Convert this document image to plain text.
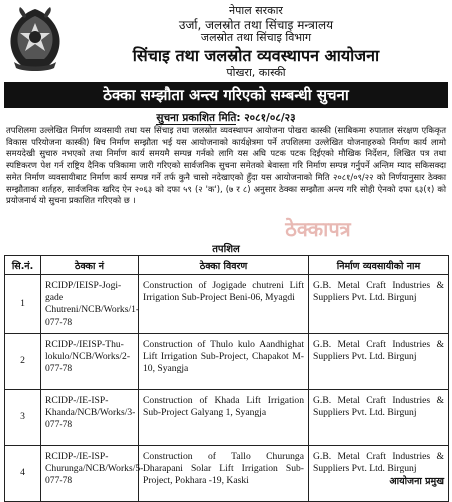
नेपाल सरकार
उर्जा, जलस्रोत तथा सिंचाइ मन्त्रालय
जलस्रोत तथा सिंचाइ विभाग
सिंचाइ तथा जलस्रोत व्यवस्थापन आयोजना
पोखरा, कास्की
ठेक्का सम्झौता अन्त्य गरिएको सम्बन्धी सुचना
सुचना प्रकाशित मिति: २०८१/०८/२३
तपशिलमा उल्लेखित निर्माण व्यवसायी तथा यस सिंचाइ तथा जलस्रोत व्यवस्थापन आयोजना पोखरा कास्की (साबिकमा रुपाताल संरक्षण एकिकृत विकास परियोजना कास्की) बिच निर्माण सम्झौता भई यस आयोजनाको कार्यक्षेत्रमा पर्ने तपशिलमा उल्लेखित योजनाहरुको निर्माण कार्य लामो समयदेखी सुचारु नभएको तथा निर्माण कार्य समयमै सम्पन्न गर्नको लागि यस अघि पटक पटक दिईएको मौखिक निर्देशन, लिखित पत्र तथा स्पष्टिकरण पेश गर्न राष्ट्रिय दैनिक पत्रिकामा जारी गरिएको सार्वजनिक सुचना समेतको बेवास्ता गरि निर्माण सम्पन्न गर्नुपर्ने अन्तिम म्याद सकिसक्दा समेत निर्माण व्यवसायीबाट निर्माण कार्य सम्पन्न गर्ने तर्फ कुनै चासो नदेखाएको हुँदा यस आयोजनाको मिति २०८१/०९/२२ को निर्णयानुसार ठेक्का सम्झौताका शर्तहरु, सार्वजनिक खरिद ऐन २०६३ को दफा ५९ (२ 'क'), (७ र ८) अनुसार ठेक्का सम्झौता अन्त्य गरि सोही ऐनको दफा ६३(१) को प्रयोजनार्थ यो सुचना प्रकाशित गरिएको छ ।
ठेक्कापत्र
तपशिल
सि.नं.	ठेक्का नं	ठेक्का विवरण	निर्माण व्यवसायीको नाम
1	RCIDP/IEISP-Jogi-gade Chutreni/NCB/Works/1-077-78	Construction of Jogigade chutreni Lift Irrigation Sub-Project Beni-06, Myagdi	G.B. Metal Craft Industries & Suppliers Pvt. Ltd. Birgunj
2	RCIDP-/IEISP-Thu-lokulo/NCB/Works/2-077-78	Construction of Thulo kulo Aandhighat Lift Irrigation Sub-Project, Chapakot M-10, Syangja	G.B. Metal Craft Industries & Suppliers Pvt. Ltd. Birgunj
3	RCIDP-/IE-ISP-Khanda/NCB/Works/3-077-78	Construction of Khada Lift Irrigation Sub-Project Galyang 1, Syangja	G.B. Metal Craft Industries & Suppliers Pvt. Ltd. Birgunj
4	RCIDP-/IE-ISP-Churunga/NCB/Works/5-077-78	Construction of Tallo Churunga Dharapani Solar Lift Irrigation Sub-Project, Pokhara -19, Kaski	G.B. Metal Craft Industries & Suppliers Pvt. Ltd. Birgunj
आयोजना प्रमुख
